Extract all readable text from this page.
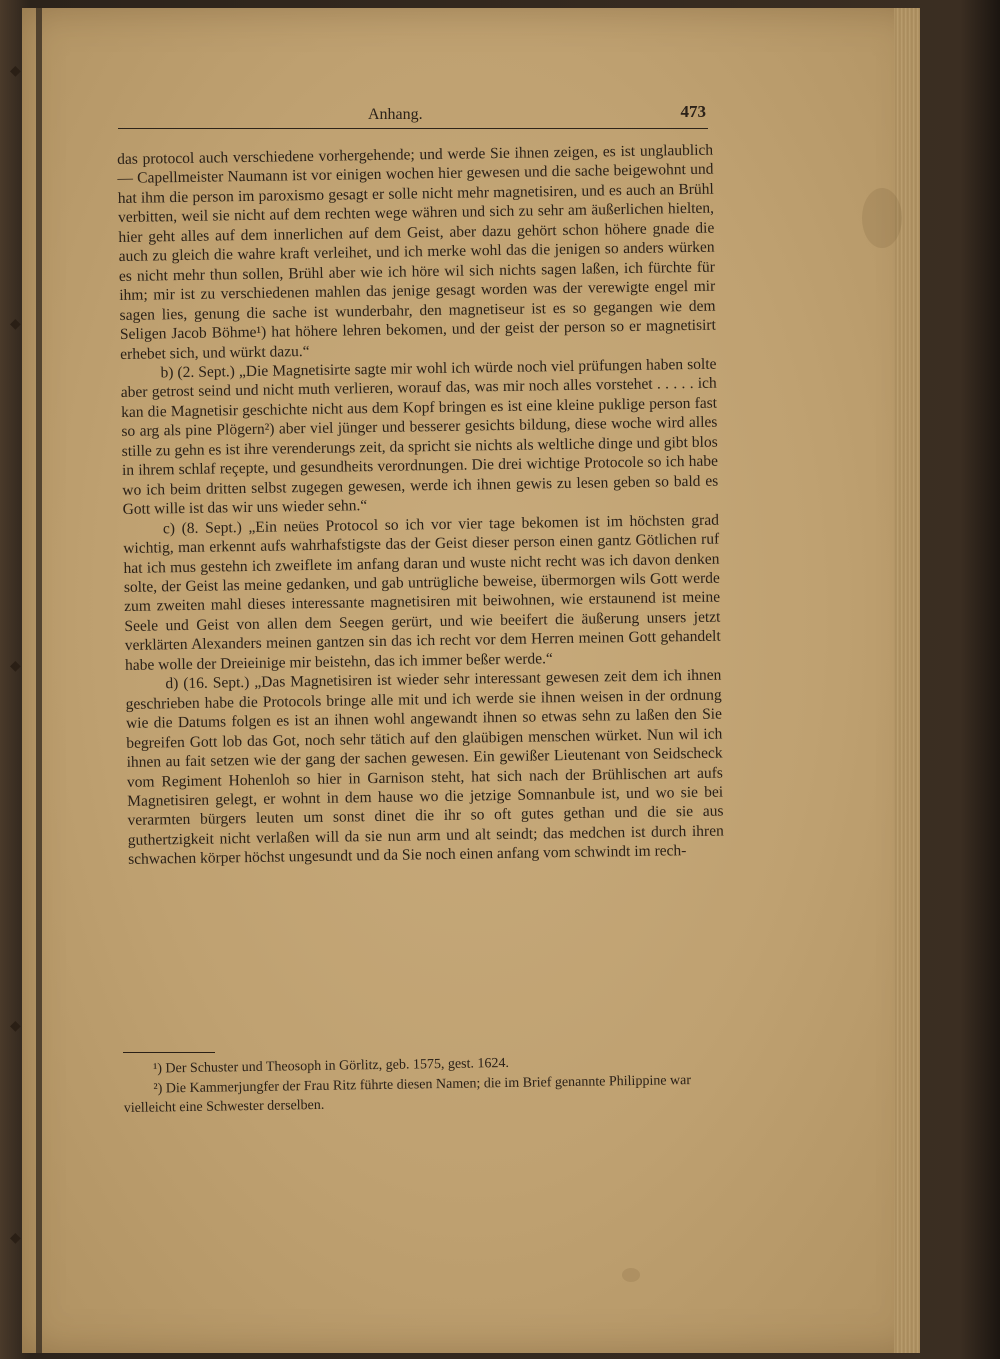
◆
◆
◆
◆
◆
Anhang.	473

das protocol auch verschiedene vorhergehende; und werde Sie ihnen zeigen, es ist unglaublich — Capellmeister Naumann ist vor einigen wochen hier gewesen und die sache beigewohnt und hat ihm die person im paroxismo gesagt er solle nicht mehr magnetisiren, und es auch an Brühl verbitten, weil sie nicht auf dem rechten wege währen und sich zu sehr am äußerlichen hielten, hier geht alles auf dem innerlichen auf dem Geist, aber dazu gehört schon höhere gnade die auch zu gleich die wahre kraft verleihet, und ich merke wohl das die jenigen so anders würken es nicht mehr thun sollen, Brühl aber wie ich höre wil sich nichts sagen laßen, ich fürchte für ihm; mir ist zu verschiedenen mahlen das jenige gesagt worden was der verewigte engel mir sagen lies, genung die sache ist wunderbahr, den magnetiseur ist es so gegangen wie dem Seligen Jacob Böhme¹) hat höhere lehren bekomen, und der geist der person so er magnetisirt erhebet sich, und würkt dazu.“

b) (2. Sept.) „Die Magnetisirte sagte mir wohl ich würde noch viel prüfungen haben solte aber getrost seind und nicht muth verlieren, worauf das, was mir noch alles vorstehet . . . . . ich kan die Magnetisir geschichte nicht aus dem Kopf bringen es ist eine kleine puklige person fast so arg als pine Plögern²) aber viel jünger und besserer gesichts bildung, diese woche wird alles stille zu gehn es ist ihre verenderungs zeit, da spricht sie nichts als weltliche dinge und gibt blos in ihrem schlaf reçepte, und gesundheits verordnungen. Die drei wichtige Protocole so ich habe wo ich beim dritten selbst zugegen gewesen, werde ich ihnen gewis zu lesen geben so bald es Gott wille ist das wir uns wieder sehn.“

c) (8. Sept.) „Ein neües Protocol so ich vor vier tage bekomen ist im höchsten grad wichtig, man erkennt aufs wahrhafstigste das der Geist dieser person einen gantz Götlichen ruf hat ich mus gestehn ich zweiflete im anfang daran und wuste nicht recht was ich davon denken solte, der Geist las meine gedanken, und gab untrügliche beweise, übermorgen wils Gott werde zum zweiten mahl dieses interessante magnetisiren mit beiwohnen, wie erstaunend ist meine Seele und Geist von allen dem Seegen gerürt, und wie beeifert die äußerung unsers jetzt verklärten Alexanders meinen gantzen sin das ich recht vor dem Herren meinen Gott gehandelt habe wolle der Dreieinige mir beistehn, das ich immer beßer werde.“

d) (16. Sept.) „Das Magnetisiren ist wieder sehr interessant gewesen zeit dem ich ihnen geschrieben habe die Protocols bringe alle mit und ich werde sie ihnen weisen in der ordnung wie die Datums folgen es ist an ihnen wohl angewandt ihnen so etwas sehn zu laßen den Sie begreifen Gott lob das Got, noch sehr tätich auf den glaübigen menschen würket. Nun wil ich ihnen au fait setzen wie der gang der sachen gewesen. Ein gewißer Lieutenant von Seidscheck vom Regiment Hohenloh so hier in Garnison steht, hat sich nach der Brühlischen art aufs Magnetisiren gelegt, er wohnt in dem hause wo die jetzige Somnanbule ist, und wo sie bei verarmten bürgers leuten um sonst dinet die ihr so oft gutes gethan und die sie aus guthertzigkeit nicht verlaßen will da sie nun arm und alt seindt; das medchen ist durch ihren schwachen körper höchst ungesundt und da Sie noch einen anfang vom schwindt im rech-

¹) Der Schuster und Theosoph in Görlitz, geb. 1575, gest. 1624.

²) Die Kammerjungfer der Frau Ritz führte diesen Namen; die im Brief genannte Philippine war vielleicht eine Schwester derselben.
